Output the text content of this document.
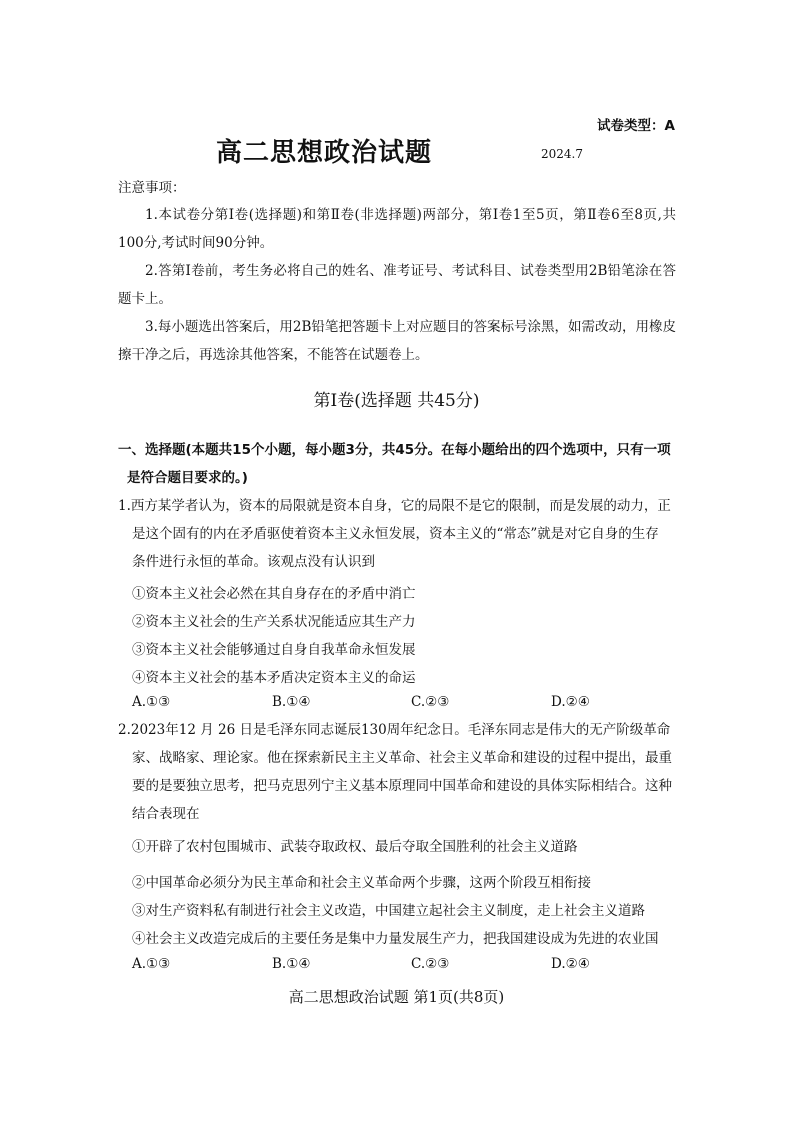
试卷类型：A
高二思想政治试题	2024.7
注意事项：
1.本试卷分第Ⅰ卷(选择题)和第Ⅱ卷(非选择题)两部分，第Ⅰ卷1至5页，第Ⅱ卷6至8页,共100分,考试时间90分钟。
2.答第Ⅰ卷前，考生务必将自己的姓名、准考证号、考试科目、试卷类型用2B铅笔涂在答题卡上。
3.每小题选出答案后，用2B铅笔把答题卡上对应题目的答案标号涂黑，如需改动，用橡皮擦干净之后，再选涂其他答案，不能答在试题卷上。
第Ⅰ卷(选择题 共45分)
一、选择题(本题共15个小题，每小题3分，共45分。在每小题给出的四个选项中，只有一项
是符合题目要求的。)
1.西方某学者认为，资本的局限就是资本自身，它的局限不是它的限制，而是发展的动力，正
是这个固有的内在矛盾驱使着资本主义永恒发展，资本主义的“常态”就是对它自身的生存
条件进行永恒的革命。该观点没有认识到
①资本主义社会必然在其自身存在的矛盾中消亡
②资本主义社会的生产关系状况能适应其生产力
③资本主义社会能够通过自身自我革命永恒发展
④资本主义社会的基本矛盾决定资本主义的命运
A.①③	B.①④	C.②③	D.②④
2.2023年12 月 26 日是毛泽东同志诞辰130周年纪念日。毛泽东同志是伟大的无产阶级革命
家、战略家、理论家。他在探索新民主主义革命、社会主义革命和建设的过程中提出，最重
要的是要独立思考，把马克思列宁主义基本原理同中国革命和建设的具体实际相结合。这种
结合表现在
①开辟了农村包围城市、武装夺取政权、最后夺取全国胜利的社会主义道路
②中国革命必须分为民主革命和社会主义革命两个步骤，这两个阶段互相衔接
③对生产资料私有制进行社会主义改造，中国建立起社会主义制度，走上社会主义道路
④社会主义改造完成后的主要任务是集中力量发展生产力，把我国建设成为先进的农业国
A.①③	B.①④	C.②③	D.②④
高二思想政治试题 第1页(共8页)
